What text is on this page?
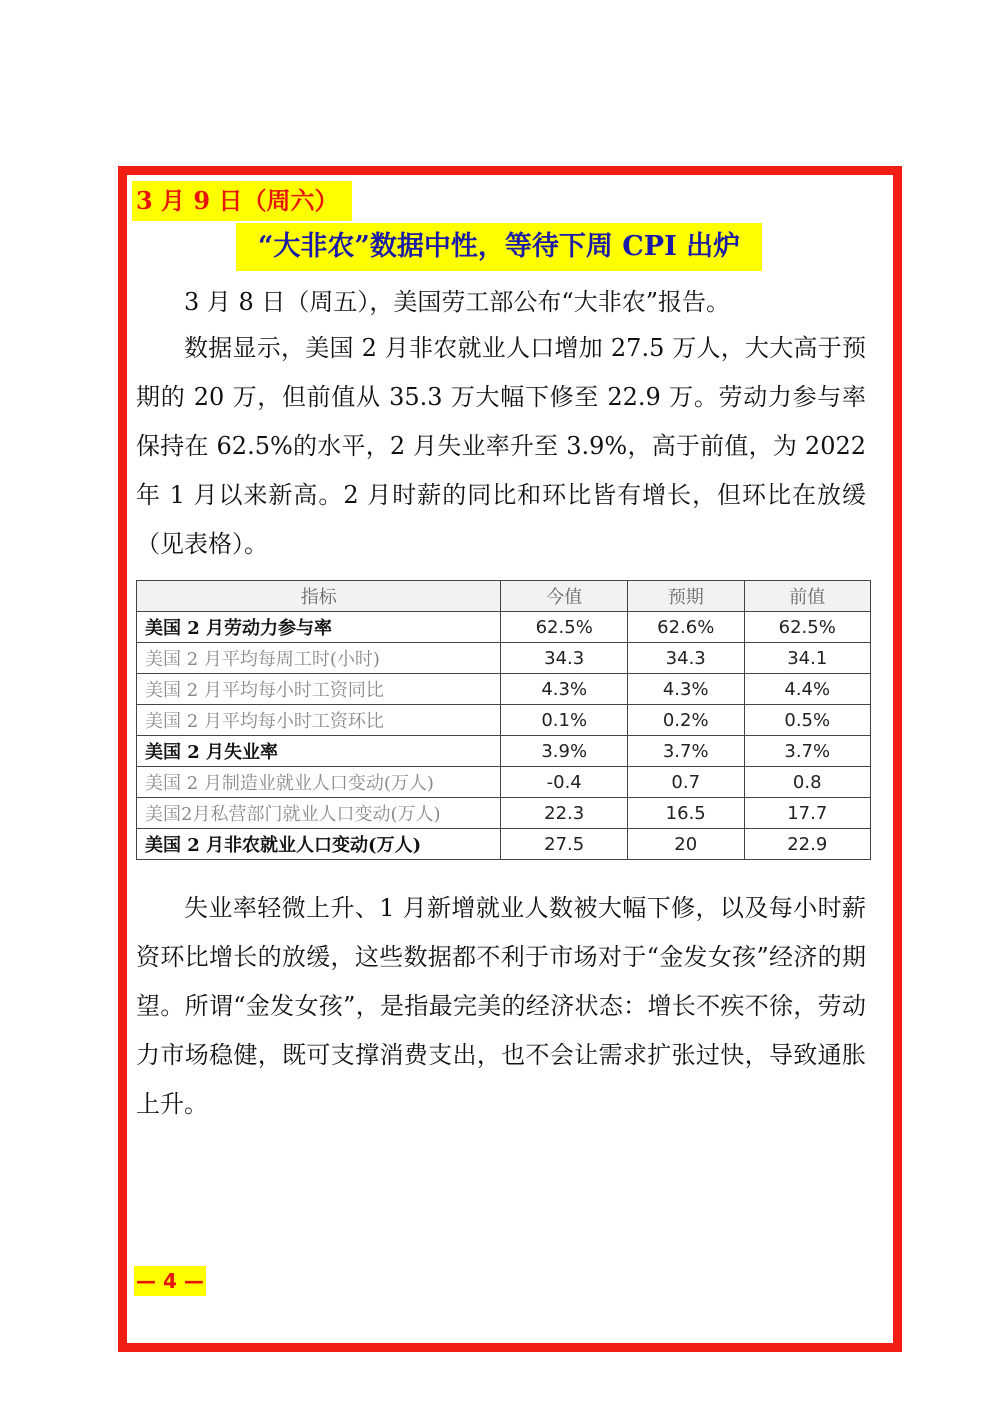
3 月 9 日（周六）
“大非农”数据中性，等待下周 CPI 出炉
3 月 8 日（周五），美国劳工部公布“大非农”报告。
数据显示，美国 2 月非农就业人口增加 27.5 万人，大大高于预期的 20 万，但前值从 35.3 万大幅下修至 22.9 万。劳动力参与率保持在 62.5%的水平，2 月失业率升至 3.9%，高于前值，为 2022 年 1 月以来新高。2 月时薪的同比和环比皆有增长，但环比在放缓（见表格）。
指标	今值	预期	前值
美国 2 月劳动力参与率	62.5%	62.6%	62.5%
美国 2 月平均每周工时(小时)	34.3	34.3	34.1
美国 2 月平均每小时工资同比	4.3%	4.3%	4.4%
美国 2 月平均每小时工资环比	0.1%	0.2%	0.5%
美国 2 月失业率	3.9%	3.7%	3.7%
美国 2 月制造业就业人口变动(万人)	-0.4	0.7	0.8
美国2月私营部门就业人口变动(万人)	22.3	16.5	17.7
美国 2 月非农就业人口变动(万人)	27.5	20	22.9
失业率轻微上升、1 月新增就业人数被大幅下修，以及每小时薪资环比增长的放缓，这些数据都不利于市场对于“金发女孩”经济的期望。所谓“金发女孩”，是指最完美的经济状态：增长不疾不徐，劳动力市场稳健，既可支撑消费支出，也不会让需求扩张过快，导致通胀上升。
— 4 —
